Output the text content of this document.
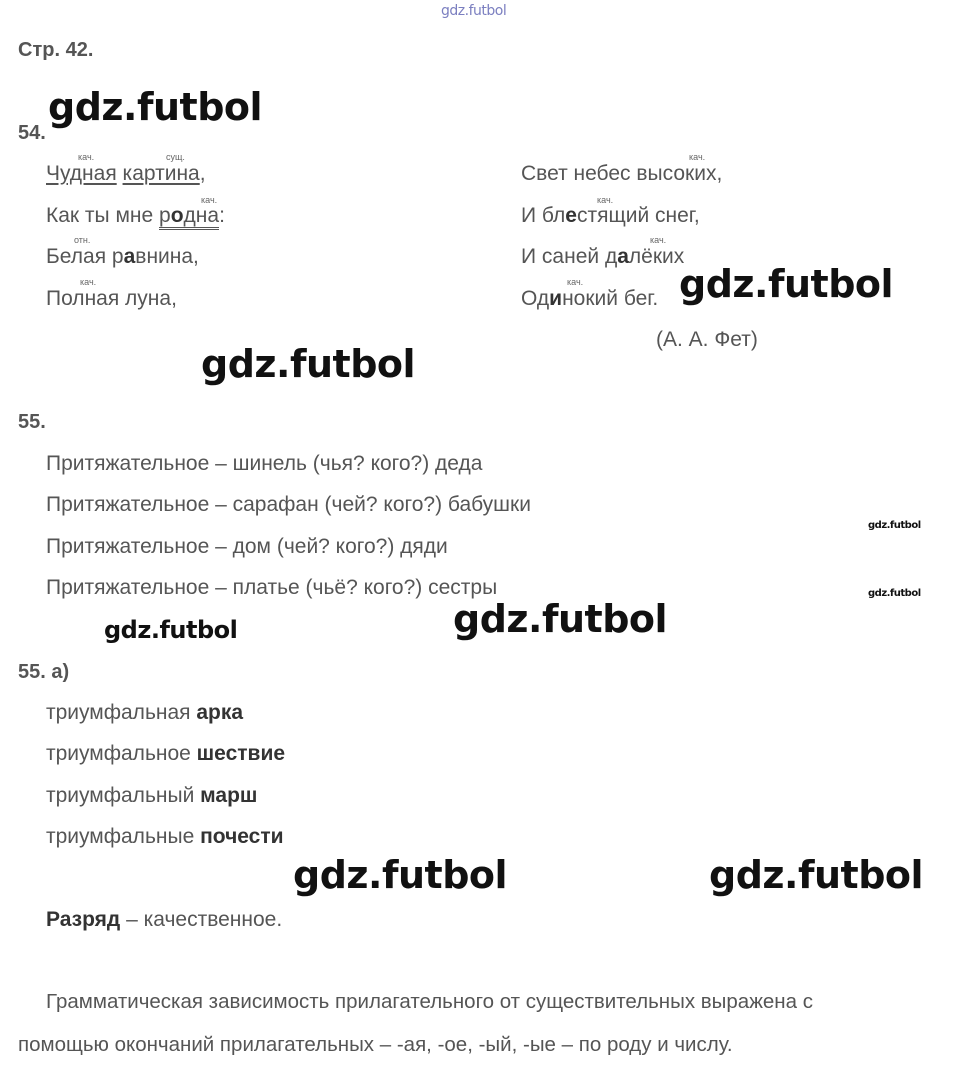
gdz.futbol
Стр. 42.
54.
gdz.futbol
кач.	сущ.
кач.
отн.
кач.
Чудная картина,
Как ты мне родна:
Белая равнина,
Полная луна,
кач.
кач.
кач.
кач.
Свет небес высоких,
И блестящий снег,
И саней далёких
Одинокий бег. gdz.futbol
(А. А. Фет)
gdz.futbol
55.
Притяжательное – шинель (чья? кого?) деда
Притяжательное – сарафан (чей? кого?) бабушки
Притяжательное – дом (чей? кого?) дяди
Притяжательное – платье (чьё? кого?) сестры
gdz.futbol
gdz.futbol
gdz.futbol
gdz.futbol
55. а)
триумфальная арка
триумфальное шествие
триумфальный марш
триумфальные почести
gdz.futbol	gdz.futbol
Разряд – качественное.
Грамматическая зависимость прилагательного от существительных выражена с
помощью окончаний прилагательных – -ая, -ое, -ый, -ые – по роду и числу.
